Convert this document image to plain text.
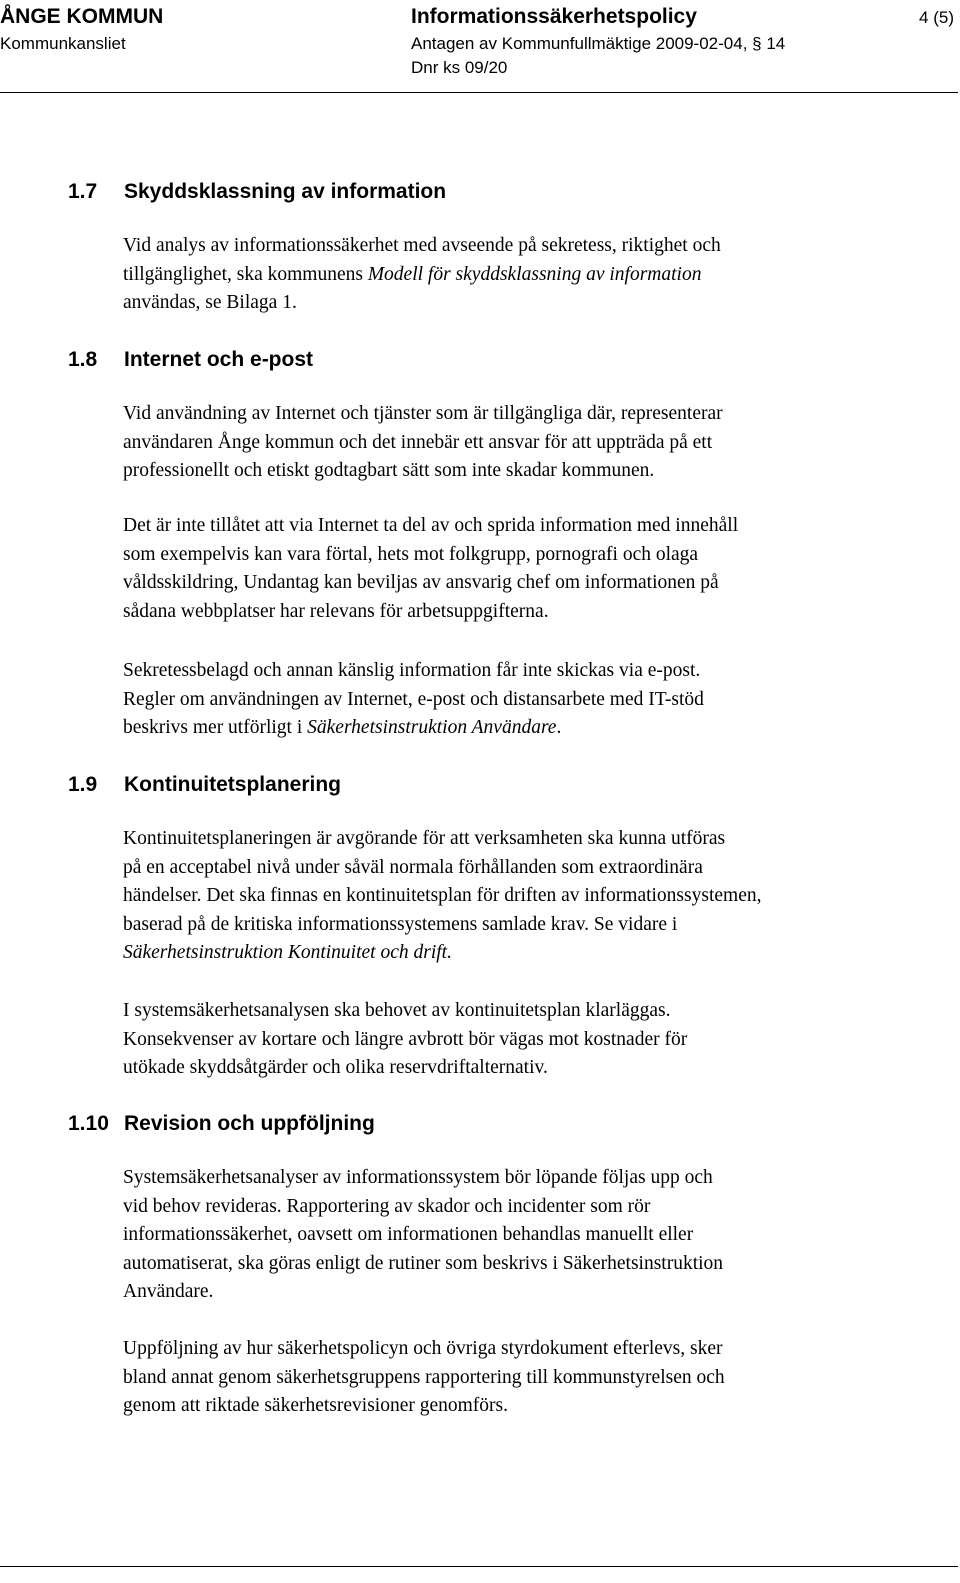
ÅNGE KOMMUN
Kommunkansliet
Informationssäkerhetspolicy
Antagen av Kommunfullmäktige 2009-02-04, § 14
Dnr ks 09/20
4 (5)
1.7 Skyddsklassning av information
Vid analys av informationssäkerhet med avseende på sekretess, riktighet och
tillgänglighet, ska kommunens Modell för skyddsklassning av information
användas, se Bilaga 1.
1.8 Internet och e-post
Vid användning av Internet och tjänster som är tillgängliga där, representerar
användaren Ånge kommun och det innebär ett ansvar för att uppträda på ett
professionellt och etiskt godtagbart sätt som inte skadar kommunen.
Det är inte tillåtet att via Internet ta del av och sprida information med innehåll
som exempelvis kan vara förtal, hets mot folkgrupp, pornografi och olaga
våldsskildring, Undantag kan beviljas av ansvarig chef om informationen på
sådana webbplatser har relevans för arbetsuppgifterna.
Sekretessbelagd och annan känslig information får inte skickas via e-post.
Regler om användningen av Internet, e-post och distansarbete med IT-stöd
beskrivs mer utförligt i Säkerhetsinstruktion Användare.
1.9 Kontinuitetsplanering
Kontinuitetsplaneringen är avgörande för att verksamheten ska kunna utföras
på en acceptabel nivå under såväl normala förhållanden som extraordinära
händelser. Det ska finnas en kontinuitetsplan för driften av informationssystemen,
baserad på de kritiska informationssystemens samlade krav. Se vidare i
Säkerhetsinstruktion Kontinuitet och drift.
I systemsäkerhetsanalysen ska behovet av kontinuitetsplan klarläggas.
Konsekvenser av kortare och längre avbrott bör vägas mot kostnader för
utökade skyddsåtgärder och olika reservdriftalternativ.
1.10 Revision och uppföljning
Systemsäkerhetsanalyser av informationssystem bör löpande följas upp och
vid behov revideras. Rapportering av skador och incidenter som rör
informationssäkerhet, oavsett om informationen behandlas manuellt eller
automatiserat, ska göras enligt de rutiner som beskrivs i Säkerhetsinstruktion
Användare.
Uppföljning av hur säkerhetspolicyn och övriga styrdokument efterlevs, sker
bland annat genom säkerhetsgruppens rapportering till kommunstyrelsen och
genom att riktade säkerhetsrevisioner genomförs.
